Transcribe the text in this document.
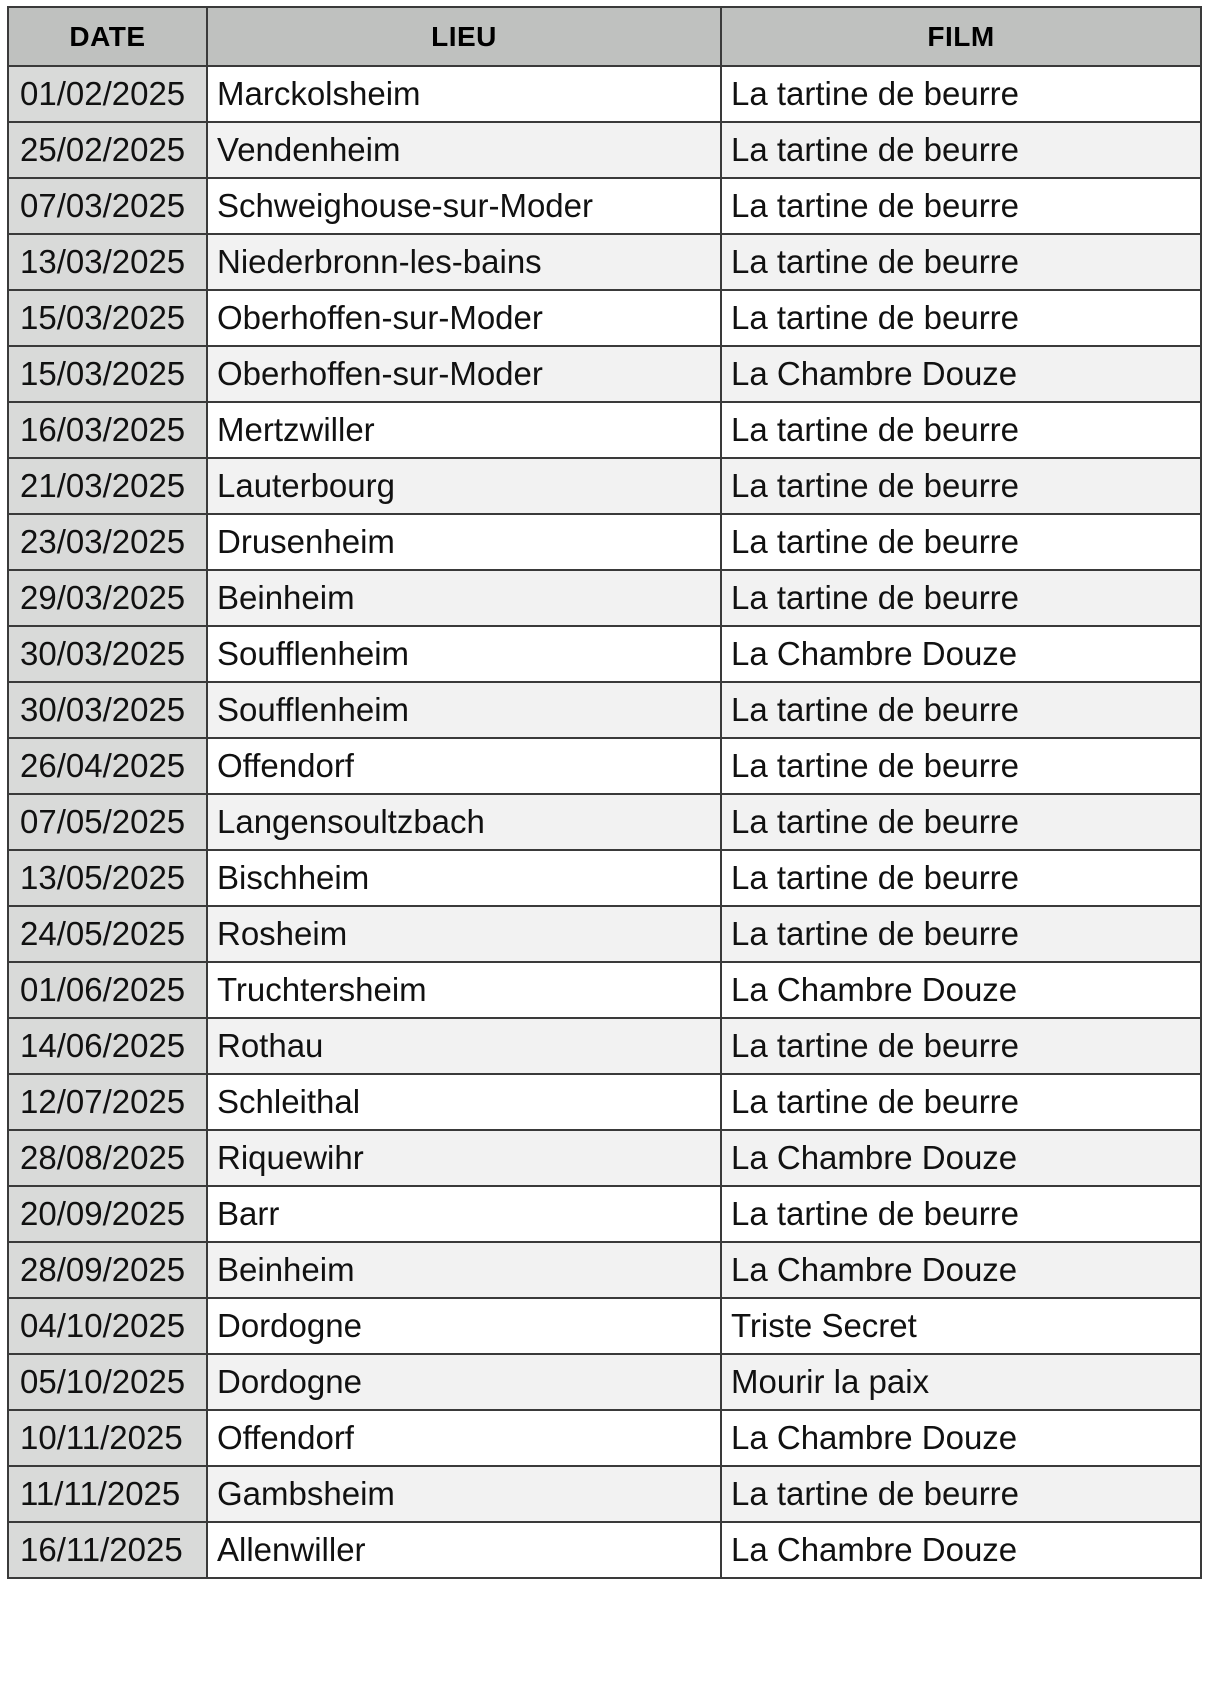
DATE	LIEU	FILM
01/02/2025	Marckolsheim	La tartine de beurre
25/02/2025	Vendenheim	La tartine de beurre
07/03/2025	Schweighouse-sur-Moder	La tartine de beurre
13/03/2025	Niederbronn-les-bains	La tartine de beurre
15/03/2025	Oberhoffen-sur-Moder	La tartine de beurre
15/03/2025	Oberhoffen-sur-Moder	La Chambre Douze
16/03/2025	Mertzwiller	La tartine de beurre
21/03/2025	Lauterbourg	La tartine de beurre
23/03/2025	Drusenheim	La tartine de beurre
29/03/2025	Beinheim	La tartine de beurre
30/03/2025	Soufflenheim	La Chambre Douze
30/03/2025	Soufflenheim	La tartine de beurre
26/04/2025	Offendorf	La tartine de beurre
07/05/2025	Langensoultzbach	La tartine de beurre
13/05/2025	Bischheim	La tartine de beurre
24/05/2025	Rosheim	La tartine de beurre
01/06/2025	Truchtersheim	La Chambre Douze
14/06/2025	Rothau	La tartine de beurre
12/07/2025	Schleithal	La tartine de beurre
28/08/2025	Riquewihr	La Chambre Douze
20/09/2025	Barr	La tartine de beurre
28/09/2025	Beinheim	La Chambre Douze
04/10/2025	Dordogne	Triste Secret
05/10/2025	Dordogne	Mourir la paix
10/11/2025	Offendorf	La Chambre Douze
11/11/2025	Gambsheim	La tartine de beurre
16/11/2025	Allenwiller	La Chambre Douze
